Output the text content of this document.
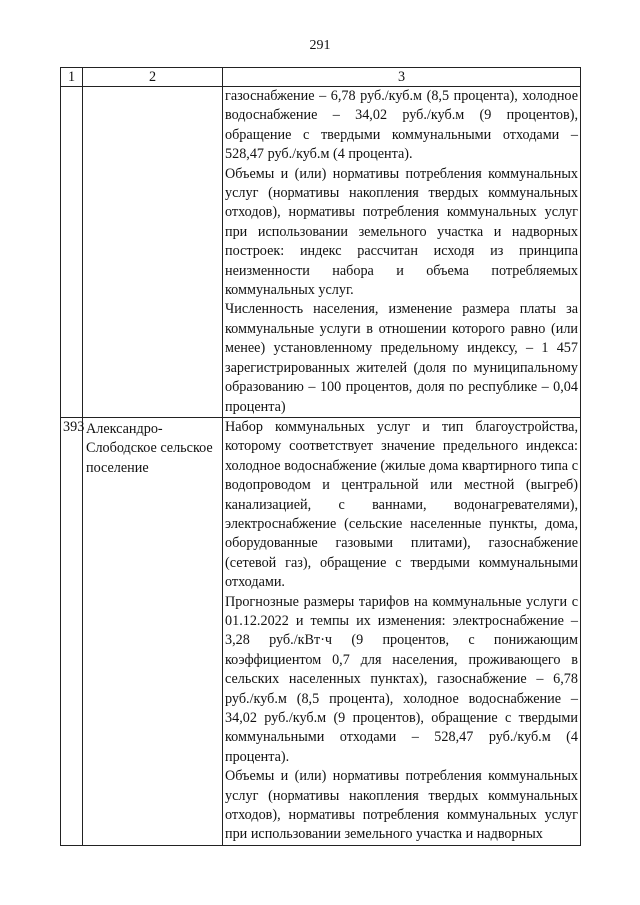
291
1	2	3

		газоснабжение – 6,78 руб./куб.м (8,5 процента), холодное водоснабжение – 34,02 руб./куб.м (9 процентов), обращение с твердыми коммунальными отходами – 528,47 руб./куб.м (4 процента).

Объемы и (или) нормативы потребления коммунальных услуг (нормативы накопления твердых коммунальных отходов), нормативы потребления коммунальных услуг при использовании земельного участка и надворных построек: индекс рассчитан исходя из принципа неизменности набора и объема потребляемых коммунальных услуг.

Численность населения, изменение размера платы за коммунальные услуги в отношении которого равно (или менее) установленному предельному индексу, – 1 457 зарегистрированных жителей (доля по муниципальному образованию – 100 процентов, доля по республике – 0,04 процента)

393	Александро-Слободское сельское поселение	Набор коммунальных услуг и тип благоустройства, которому соответствует значение предельного индекса: холодное водоснабжение (жилые дома квартирного типа с водопроводом и центральной или местной (выгреб) канализацией, с ваннами, водонагревателями), электроснабжение (сельские населенные пункты, дома, оборудованные газовыми плитами), газоснабжение (сетевой газ), обращение с твердыми коммунальными отходами.

Прогнозные размеры тарифов на коммунальные услуги с 01.12.2022 и темпы их изменения: электроснабжение – 3,28 руб./кВт·ч (9 процентов, с понижающим коэффициентом 0,7 для населения, проживающего в сельских населенных пунктах), газоснабжение – 6,78 руб./куб.м (8,5 процента), холодное водоснабжение – 34,02 руб./куб.м (9 процентов), обращение с твердыми коммунальными отходами – 528,47 руб./куб.м (4 процента).

Объемы и (или) нормативы потребления коммунальных услуг (нормативы накопления твердых коммунальных отходов), нормативы потребления коммунальных услуг при использовании земельного участка и надворных
